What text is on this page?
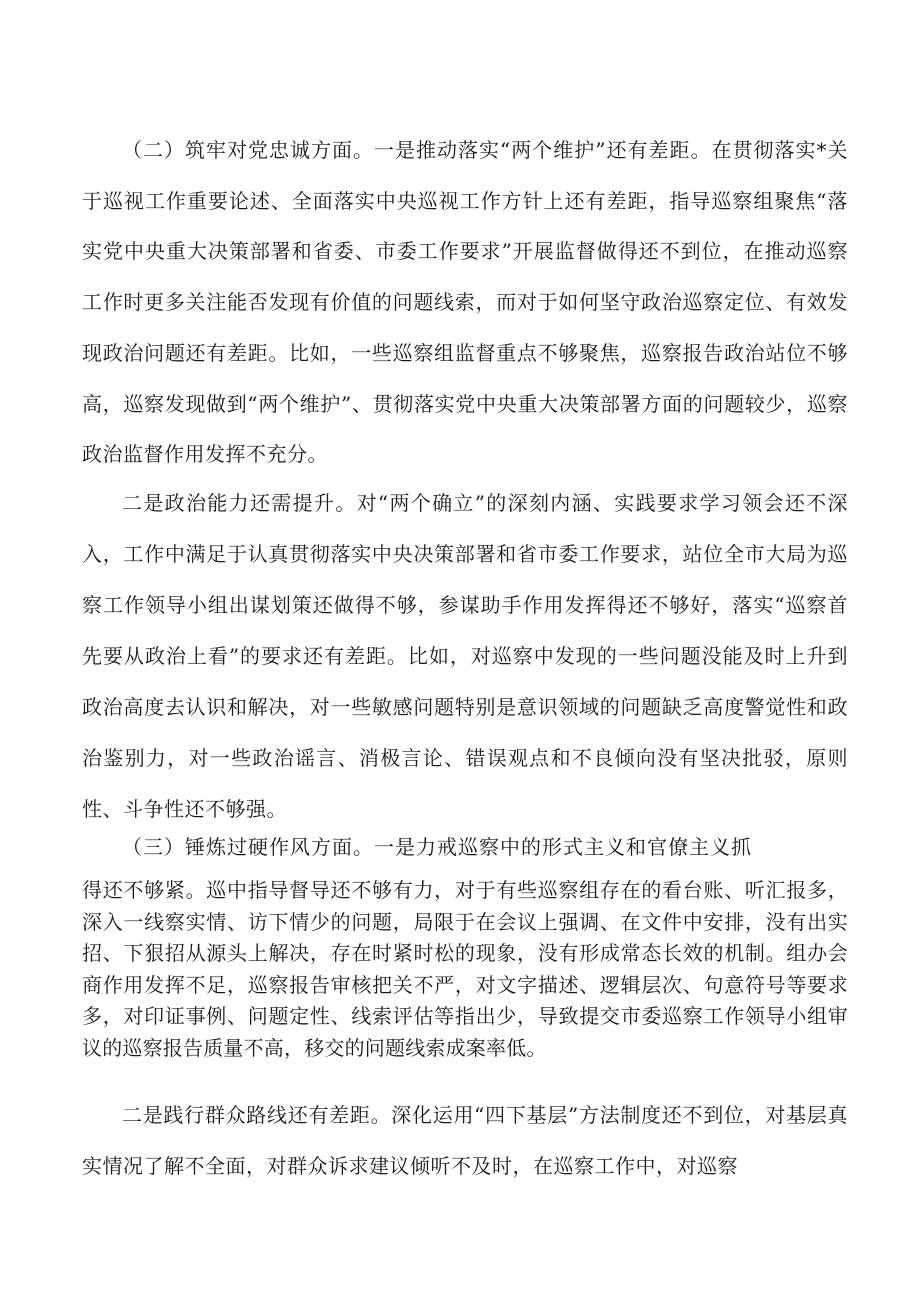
（二）筑牢对党忠诚方面。一是推动落实“两个维护”还有差距。在贯彻落实*关于巡视工作重要论述、全面落实中央巡视工作方针上还有差距，指导巡察组聚焦“落实党中央重大决策部署和省委、市委工作要求”开展监督做得还不到位，在推动巡察工作时更多关注能否发现有价值的问题线索，而对于如何坚守政治巡察定位、有效发现政治问题还有差距。比如，一些巡察组监督重点不够聚焦，巡察报告政治站位不够高，巡察发现做到“两个维护”、贯彻落实党中央重大决策部署方面的问题较少，巡察政治监督作用发挥不充分。

二是政治能力还需提升。对“两个确立”的深刻内涵、实践要求学习领会还不深入，工作中满足于认真贯彻落实中央决策部署和省市委工作要求，站位全市大局为巡察工作领导小组出谋划策还做得不够，参谋助手作用发挥得还不够好，落实“巡察首先要从政治上看”的要求还有差距。比如，对巡察中发现的一些问题没能及时上升到政治高度去认识和解决，对一些敏感问题特别是意识领域的问题缺乏高度警觉性和政治鉴别力，对一些政治谣言、消极言论、错误观点和不良倾向没有坚决批驳，原则性、斗争性还不够强。

（三）锤炼过硬作风方面。一是力戒巡察中的形式主义和官僚主义抓

得还不够紧。巡中指导督导还不够有力，对于有些巡察组存在的看台账、听汇报多，深入一线察实情、访下情少的问题，局限于在会议上强调、在文件中安排，没有出实招、下狠招从源头上解决，存在时紧时松的现象，没有形成常态长效的机制。组办会商作用发挥不足，巡察报告审核把关不严，对文字描述、逻辑层次、句意符号等要求多，对印证事例、问题定性、线索评估等指出少，导致提交市委巡察工作领导小组审议的巡察报告质量不高，移交的问题线索成案率低。

二是践行群众路线还有差距。深化运用“四下基层”方法制度还不到位，对基层真实情况了解不全面，对群众诉求建议倾听不及时，在巡察工作中，对巡察
